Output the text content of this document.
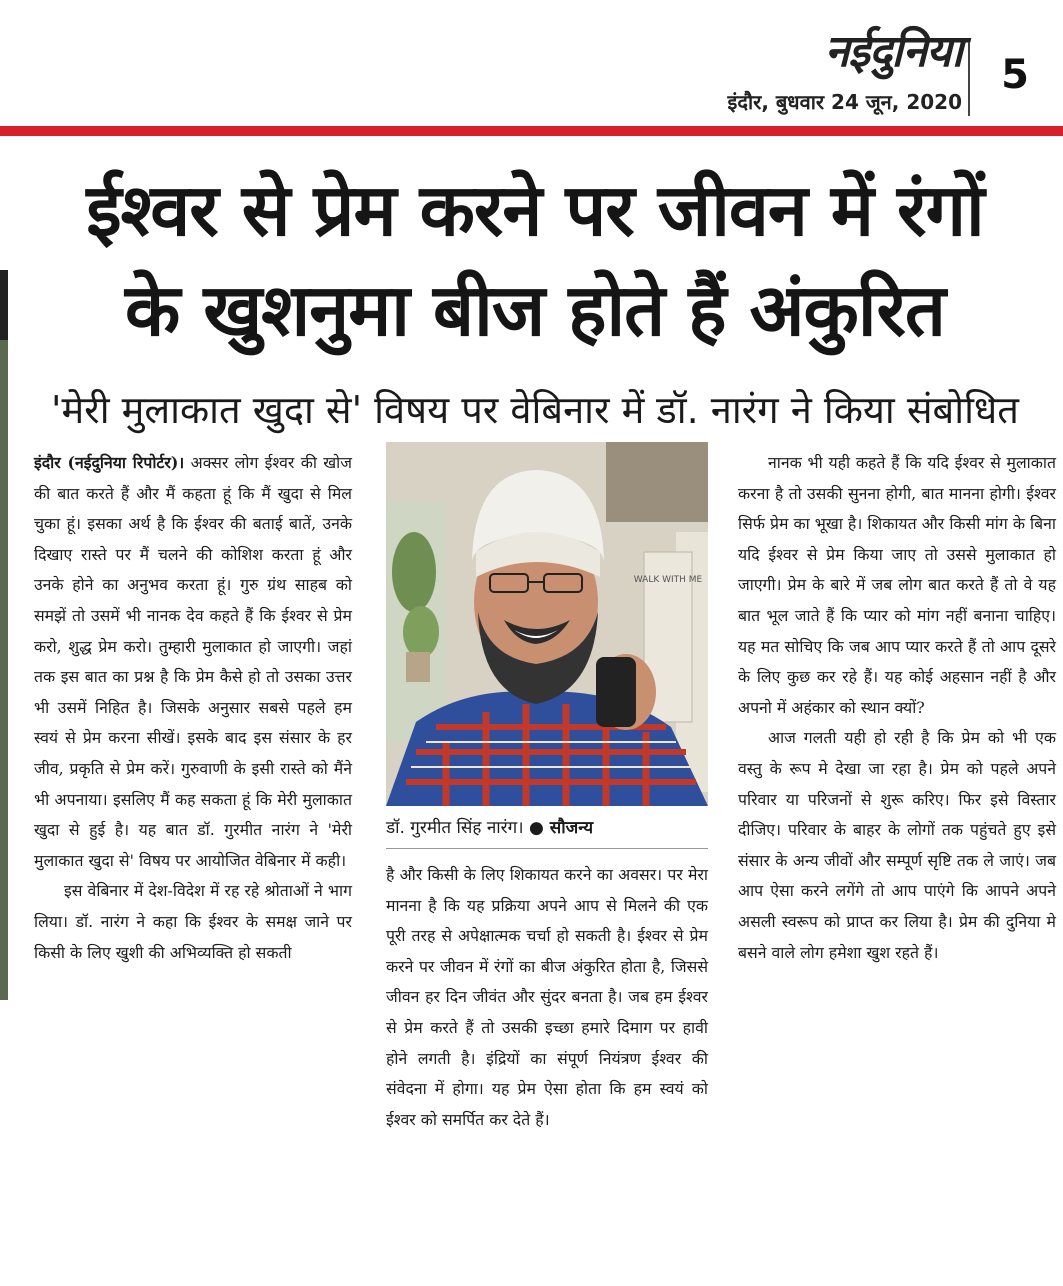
नईदुनिया
इंदौर, बुधवार 24 जून, 2020
5
ईश्वर से प्रेम करने पर जीवन में रंगों
के खुशनुमा बीज होते हैं अंकुरित
'मेरी मुलाकात खुदा से' विषय पर वेबिनार में डॉ. नारंग ने किया संबोधित

इंदौर (नईदुनिया रिपोर्टर)। अक्सर लोग ईश्वर की खोज की बात करते हैं और मैं कहता हूं कि मैं खुदा से मिल चुका हूं। इसका अर्थ है कि ईश्वर की बताई बातें, उनके दिखाए रास्ते पर मैं चलने की कोशिश करता हूं और उनके होने का अनुभव करता हूं। गुरु ग्रंथ साहब को समझें तो उसमें भी नानक देव कहते हैं कि ईश्वर से प्रेम करो, शुद्ध प्रेम करो। तुम्हारी मुलाकात हो जाएगी। जहां तक इस बात का प्रश्न है कि प्रेम कैसे हो तो उसका उत्तर भी उसमें निहित है। जिसके अनुसार सबसे पहले हम स्वयं से प्रेम करना सीखें। इसके बाद इस संसार के हर जीव, प्रकृति से प्रेम करें। गुरुवाणी के इसी रास्ते को मैंने भी अपनाया। इसलिए मैं कह सकता हूं कि मेरी मुलाकात खुदा से हुई है। यह बात डॉ. गुरमीत नारंग ने 'मेरी मुलाकात खुदा से' विषय पर आयोजित वेबिनार में कही।

इस वेबिनार में देश-विदेश में रह रहे श्रोताओं ने भाग लिया। डॉ. नारंग ने कहा कि ईश्वर के समक्ष जाने पर किसी के लिए खुशी की अभिव्यक्ति हो सकती

WALK WITH ME
डॉ. गुरमीत सिंह नारंग। ● सौजन्य

है और किसी के लिए शिकायत करने का अवसर। पर मेरा मानना है कि यह प्रक्रिया अपने आप से मिलने की एक पूरी तरह से अपेक्षात्मक चर्चा हो सकती है। ईश्वर से प्रेम करने पर जीवन में रंगों का बीज अंकुरित होता है, जिससे जीवन हर दिन जीवंत और सुंदर बनता है। जब हम ईश्वर से प्रेम करते हैं तो उसकी इच्छा हमारे दिमाग पर हावी होने लगती है। इंद्रियों का संपूर्ण नियंत्रण ईश्वर की संवेदना में होगा। यह प्रेम ऐसा होता कि हम स्वयं को ईश्वर को समर्पित कर देते हैं।

नानक भी यही कहते हैं कि यदि ईश्वर से मुलाकात करना है तो उसकी सुनना होगी, बात मानना होगी। ईश्वर सिर्फ प्रेम का भूखा है। शिकायत और किसी मांग के बिना यदि ईश्वर से प्रेम किया जाए तो उससे मुलाकात हो जाएगी। प्रेम के बारे में जब लोग बात करते हैं तो वे यह बात भूल जाते हैं कि प्यार को मांग नहीं बनाना चाहिए। यह मत सोचिए कि जब आप प्यार करते हैं तो आप दूसरे के लिए कुछ कर रहे हैं। यह कोई अहसान नहीं है और अपनो में अहंकार को स्थान क्यों?

आज गलती यही हो रही है कि प्रेम को भी एक वस्तु के रूप मे देखा जा रहा है। प्रेम को पहले अपने परिवार या परिजनों से शुरू करिए। फिर इसे विस्तार दीजिए। परिवार के बाहर के लोगों तक पहुंचते हुए इसे संसार के अन्य जीवों और सम्पूर्ण सृष्टि तक ले जाएं। जब आप ऐसा करने लगेंगे तो आप पाएंगे कि आपने अपने असली स्वरूप को प्राप्त कर लिया है। प्रेम की दुनिया मे बसने वाले लोग हमेशा खुश रहते हैं।
